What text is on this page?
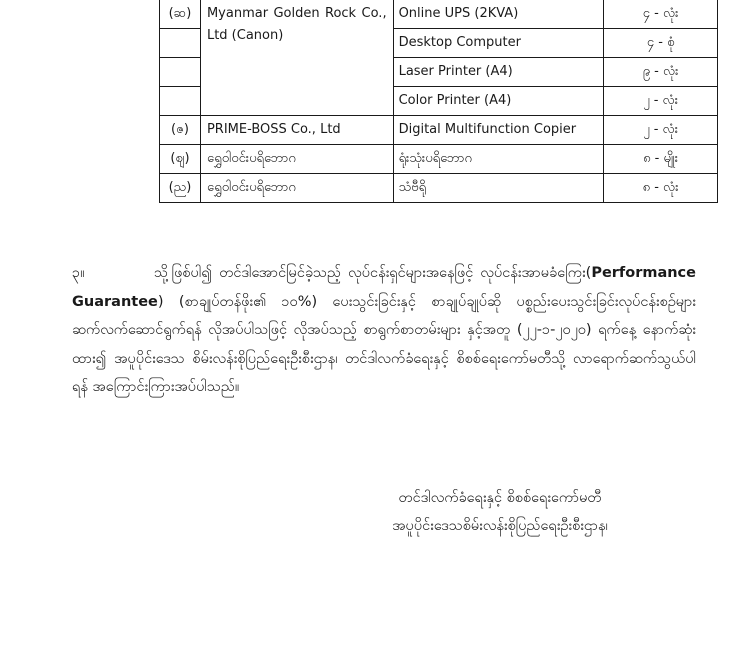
(ဆ)	Myanmar Golden Rock Co., Ltd (Canon)	Online UPS (2KVA)	၄ - လုံး
		Desktop Computer	၄ - စုံ
		Laser Printer (A4)	၉ - လုံး
		Color Printer (A4)	၂ - လုံး
(ဇ)	PRIME-BOSS Co., Ltd	Digital Multifunction Copier	၂ - လုံး
(ဈ)	ရွှေဝါဝင်းပရိဘောဂ	ရုံးသုံးပရိဘောဂ	၈ - မျိုး
(ည)	ရွှေဝါဝင်းပရိဘောဂ	သံဗီရို	၈ - လုံး
၃။	သို့ဖြစ်ပါ၍ တင်ဒါအောင်မြင်ခဲ့သည့် လုပ်ငန်းရှင်များအနေဖြင့် လုပ်ငန်းအာမခံကြေး(Performance Guarantee) (စာချုပ်တန်ဖိုး၏ ၁၀%) ပေးသွင်းခြင်းနှင့် စာချုပ်ချုပ်ဆို ပစ္စည်းပေးသွင်းခြင်းလုပ်ငန်းစဉ်များ ဆက်လက်ဆောင်ရွက်ရန် လိုအပ်ပါသဖြင့် လိုအပ်သည့် စာရွက်စာတမ်းများ နှင့်အတူ (၂၂-၁-၂၀၂၀) ရက်နေ့ နောက်ဆုံးထား၍ အပူပိုင်းဒေသ စိမ်းလန်းစိုပြည်ရေးဦးစီးဌာန၊ တင်ဒါလက်ခံရေးနှင့် စိစစ်ရေးကော်မတီသို့ လာရောက်ဆက်သွယ်ပါရန် အကြောင်းကြားအပ်ပါသည်။
တင်ဒါလက်ခံရေးနှင့် စိစစ်ရေးကော်မတီ
အပူပိုင်းဒေသစိမ်းလန်းစိုပြည်ရေးဦးစီးဌာန၊
